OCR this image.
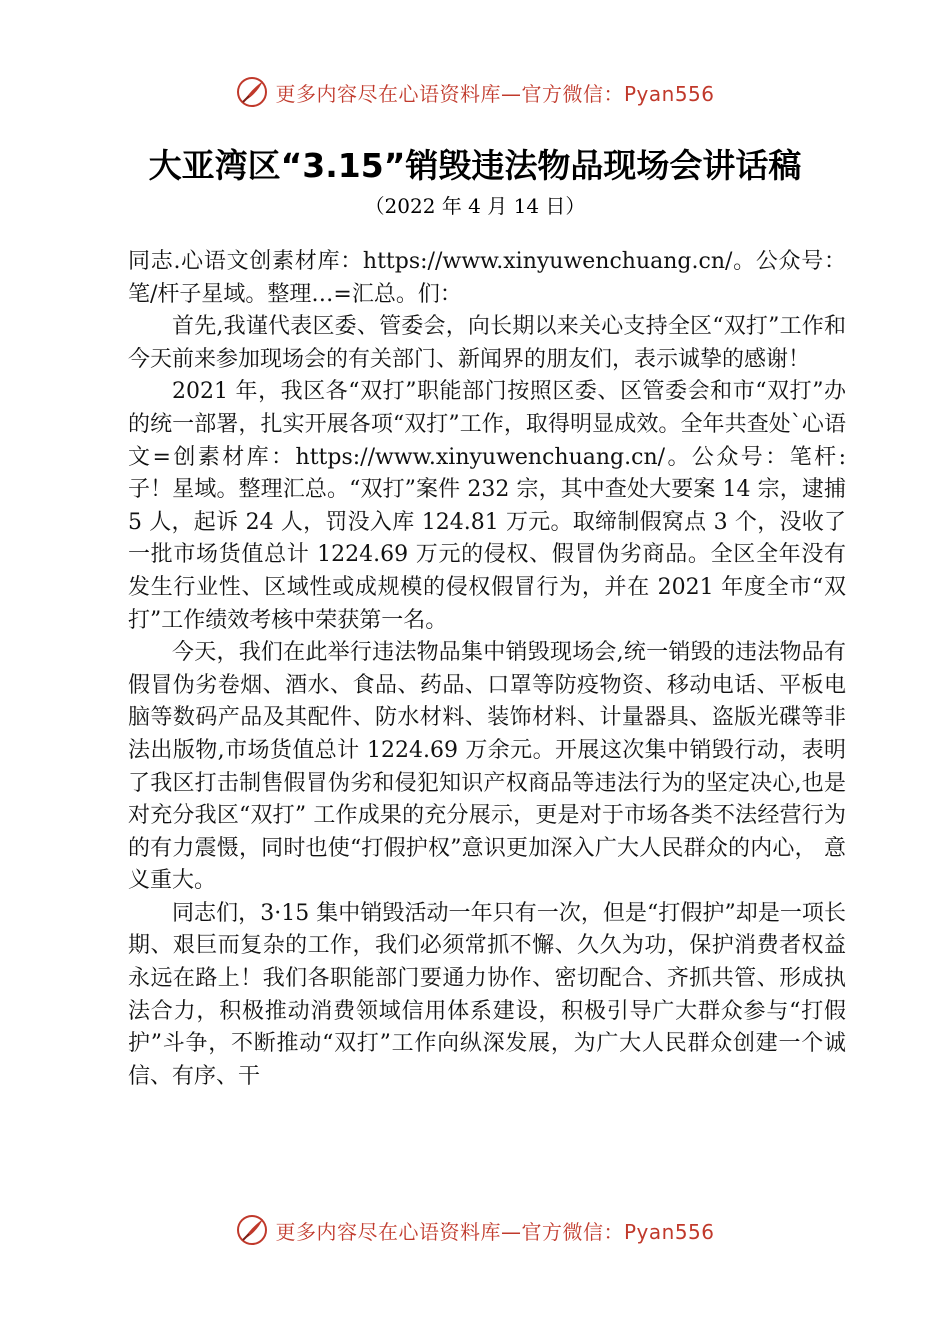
更多内容尽在心语资料库—官方微信：Pyan556
大亚湾区“3.15”销毁违法物品现场会讲话稿

（2022 年 4 月 14 日）

同志.心语文创素材库：https://www.xinyuwenchuang.cn/。公众号：笔/杆子星域。整理…=汇总。们：

首先,我谨代表区委、管委会，向长期以来关心支持全区“双打”工作和今天前来参加现场会的有关部门、新闻界的朋友们，表示诚挚的感谢！

2021 年，我区各“双打”职能部门按照区委、区管委会和市“双打”办的统一部署，扎实开展各项“双打”工作，取得明显成效。全年共查处`心语文=创素材库：https://www.xinyuwenchuang.cn/。公众号：笔杆:子！星域。整理汇总。“双打”案件 232 宗，其中查处大要案 14 宗，逮捕 5 人，起诉 24 人，罚没入库 124.81 万元。取缔制假窝点 3 个，没收了一批市场货值总计 1224.69 万元的侵权、假冒伪劣商品。全区全年没有发生行业性、区域性或成规模的侵权假冒行为，并在 2021 年度全市“双打”工作绩效考核中荣获第一名。

今天，我们在此举行违法物品集中销毁现场会,统一销毁的违法物品有假冒伪劣卷烟、酒水、食品、药品、口罩等防疫物资、移动电话、平板电脑等数码产品及其配件、防水材料、装饰材料、计量器具、盗版光碟等非法出版物,市场货值总计 1224.69 万余元。开展这次集中销毁行动，表明了我区打击制售假冒伪劣和侵犯知识产权商品等违法行为的坚定决心,也是对充分我区“双打” 工作成果的充分展示，更是对于市场各类不法经营行为的有力震慑，同时也使“打假护权”意识更加深入广大人民群众的内心， 意义重大。

同志们，3·15 集中销毁活动一年只有一次，但是“打假护”却是一项长期、艰巨而复杂的工作，我们必须常抓不懈、久久为功，保护消费者权益永远在路上！我们各职能部门要通力协作、密切配合、齐抓共管、形成执法合力，积极推动消费领域信用体系建设，积极引导广大群众参与“打假护”斗争，不断推动“双打”工作向纵深发展，为广大人民群众创建一个诚信、有序、干

更多内容尽在心语资料库—官方微信：Pyan556
